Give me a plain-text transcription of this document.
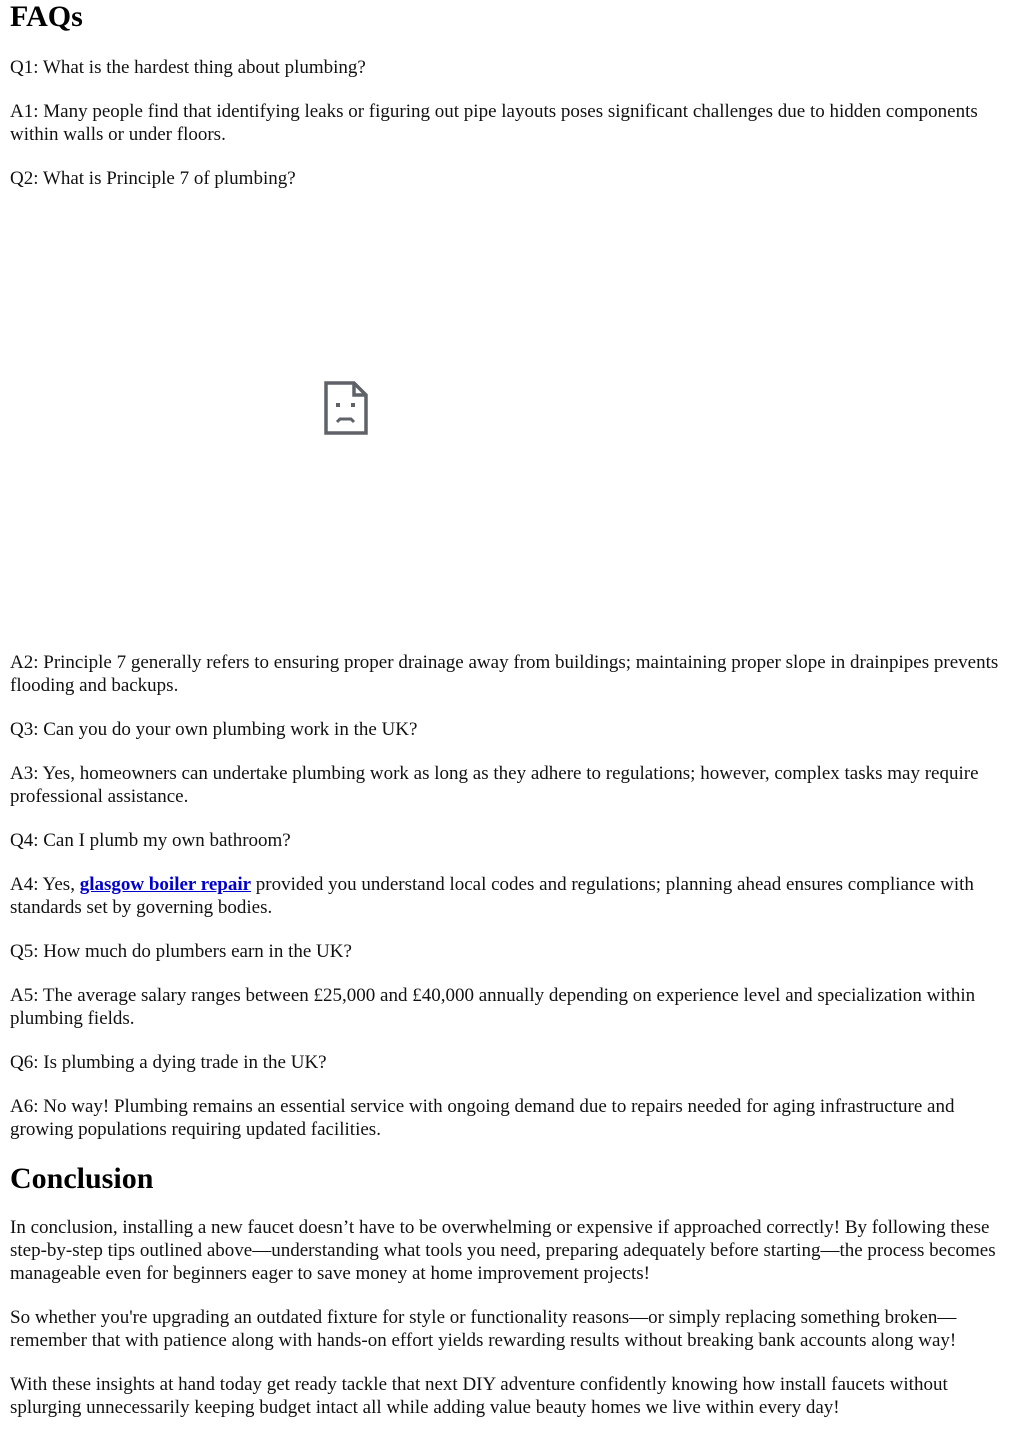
FAQs

Q1: What is the hardest thing about plumbing?

A1: Many people find that identifying leaks or figuring out pipe layouts poses significant challenges due to hidden components within walls or under floors.

Q2: What is Principle 7 of plumbing?

A2: Principle 7 generally refers to ensuring proper drainage away from buildings; maintaining proper slope in drainpipes prevents flooding and backups.

Q3: Can you do your own plumbing work in the UK?

A3: Yes, homeowners can undertake plumbing work as long as they adhere to regulations; however, complex tasks may require professional assistance.

Q4: Can I plumb my own bathroom?

A4: Yes, glasgow boiler repair provided you understand local codes and regulations; planning ahead ensures compliance with standards set by governing bodies.

Q5: How much do plumbers earn in the UK?

A5: The average salary ranges between £25,000 and £40,000 annually depending on experience level and specialization within plumbing fields.

Q6: Is plumbing a dying trade in the UK?

A6: No way! Plumbing remains an essential service with ongoing demand due to repairs needed for aging infrastructure and growing populations requiring updated facilities.

Conclusion

In conclusion, installing a new faucet doesn’t have to be overwhelming or expensive if approached correctly! By following these step-by-step tips outlined above—understanding what tools you need, preparing adequately before starting—the process becomes manageable even for beginners eager to save money at home improvement projects!

So whether you're upgrading an outdated fixture for style or functionality reasons—or simply replacing something broken—remember that with patience along with hands-on effort yields rewarding results without breaking bank accounts along way!

With these insights at hand today get ready tackle that next DIY adventure confidently knowing how install faucets without splurging unnecessarily keeping budget intact all while adding value beauty homes we live within every day!
